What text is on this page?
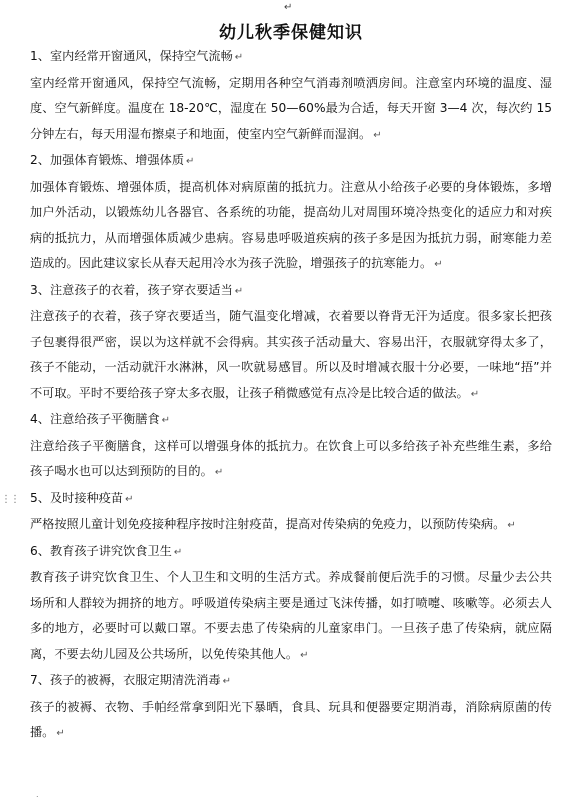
↵
⋮⋮
幼儿秋季保健知识
1、室内经常开窗通风，保持空气流畅 ↵
室内经常开窗通风，保持空气流畅，定期用各种空气消毒剂喷洒房间。注意室内环境的温度、湿度、空气新鲜度。温度在 18-20℃，湿度在 50—60%最为合适，每天开窗 3—4 次，每次约 15 分钟左右，每天用湿布擦桌子和地面，使室内空气新鲜而湿润。 ↵
2、加强体育锻炼、增强体质 ↵
加强体育锻炼、增强体质，提高机体对病原菌的抵抗力。注意从小给孩子必要的身体锻炼，多增加户外活动，以锻炼幼儿各器官、各系统的功能，提高幼儿对周围环境冷热变化的适应力和对疾病的抵抗力，从而增强体质减少患病。容易患呼吸道疾病的孩子多是因为抵抗力弱，耐寒能力差造成的。因此建议家长从春天起用冷水为孩子洗脸，增强孩子的抗寒能力。 ↵
3、注意孩子的衣着，孩子穿衣要适当 ↵
注意孩子的衣着，孩子穿衣要适当，随气温变化增减，衣着要以脊背无汗为适度。很多家长把孩子包裹得很严密，误以为这样就不会得病。其实孩子活动量大、容易出汗，衣服就穿得太多了，孩子不能动，一活动就汗水淋淋，风一吹就易感冒。所以及时增减衣服十分必要，一味地“捂”并不可取。平时不要给孩子穿太多衣服，让孩子稍微感觉有点冷是比较合适的做法。 ↵
4、注意给孩子平衡膳食 ↵
注意给孩子平衡膳食，这样可以增强身体的抵抗力。在饮食上可以多给孩子补充些维生素，多给孩子喝水也可以达到预防的目的。 ↵
5、及时接种疫苗 ↵
严格按照儿童计划免疫接种程序按时注射疫苗，提高对传染病的免疫力，以预防传染病。 ↵
6、教育孩子讲究饮食卫生 ↵
教育孩子讲究饮食卫生、个人卫生和文明的生活方式。养成餐前便后洗手的习惯。尽量少去公共场所和人群较为拥挤的地方。呼吸道传染病主要是通过飞沫传播，如打喷嚏、咳嗽等。必须去人多的地方，必要时可以戴口罩。不要去患了传染病的儿童家串门。一旦孩子患了传染病，就应隔离，不要去幼儿园及公共场所，以免传染其他人。 ↵
7、孩子的被褥，衣服定期清洗消毒 ↵
孩子的被褥、衣物、手帕经常拿到阳光下暴晒，食具、玩具和便器要定期消毒，消除病原菌的传播。 ↵
.
